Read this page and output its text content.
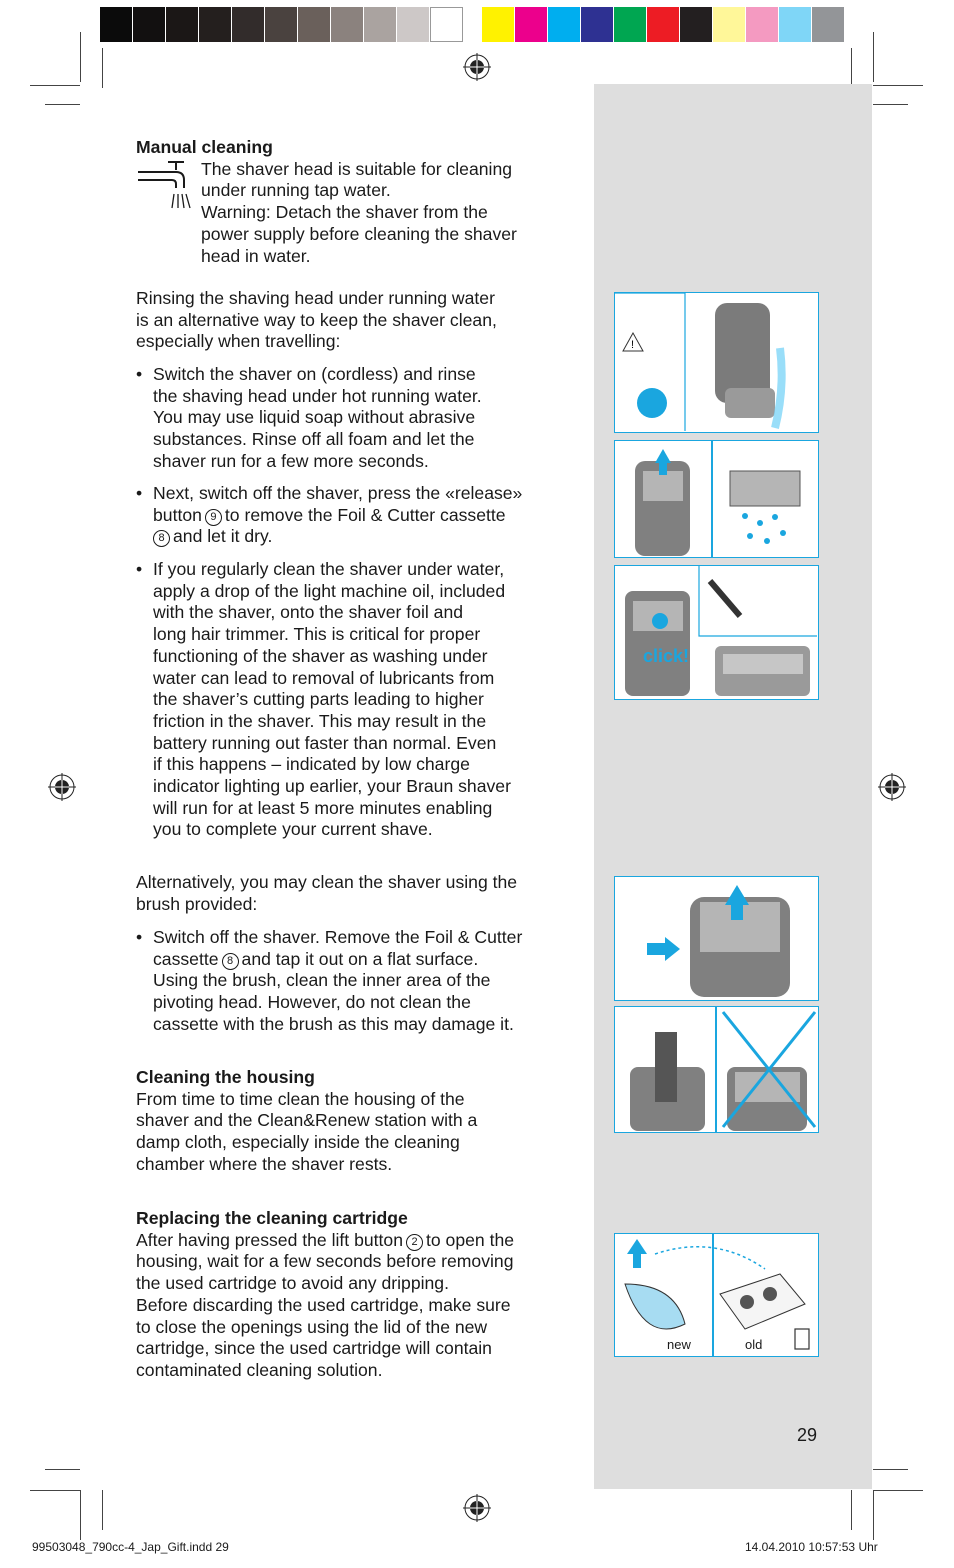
!
click!
new	old

Manual cleaning

The shaver head is suitable for cleaning

under running tap water.

Warning: Detach the shaver from the

power supply before cleaning the shaver

head in water.

Rinsing the shaving head under running water

is an alternative way to keep the shaver clean,

especially when travelling:

• Switch the shaver on (cordless) and rinse

the shaving head under hot running water.

You may use liquid soap without abrasive

substances. Rinse off all foam and let the

shaver run for a few more seconds.

• Next, switch off the shaver, press the «release»

button 9 to remove the Foil & Cutter cassette

8 and let it dry.

• If you regularly clean the shaver under water,

apply a drop of the light machine oil, included

with the shaver, onto the shaver foil and

long hair trimmer. This is critical for proper

functioning of the shaver as washing under

water can lead to removal of lubricants from

the shaver’s cutting parts leading to higher

friction in the shaver. This may result in the

battery running out faster than normal. Even

if this happens – indicated by low charge

indicator lighting up earlier, your Braun shaver

will run for at least 5 more minutes enabling

you to complete your current shave.

Alternatively, you may clean the shaver using the

brush provided:

• Switch off the shaver. Remove the Foil & Cutter

cassette 8 and tap it out on a flat surface.

Using the brush, clean the inner area of the

pivoting head. However, do not clean the

cassette with the brush as this may damage it.

Cleaning the housing

From time to time clean the housing of the

shaver and the Clean&Renew station with a

damp cloth, especially inside the cleaning

chamber where the shaver rests.

Replacing the cleaning cartridge

After having pressed the lift button 2 to open the

housing, wait for a few seconds before removing

the used cartridge to avoid any dripping.

Before discarding the used cartridge, make sure

to close the openings using the lid of the new

cartridge, since the used cartridge will contain

contaminated cleaning solution.

29
99503048_790cc-4_Jap_Gift.indd 29	14.04.2010 10:57:53 Uhr
